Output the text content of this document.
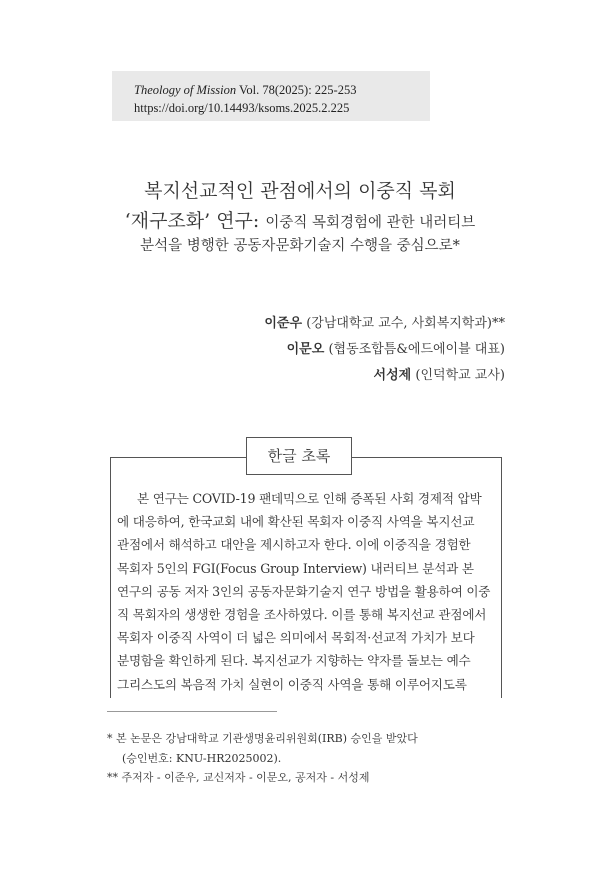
Theology of Mission Vol. 78(2025): 225-253
https://doi.org/10.14493/ksoms.2025.2.225
복지선교적인 관점에서의 이중직 목회
‘재구조화’ 연구: 이중직 목회경험에 관한 내러티브
분석을 병행한 공동자문화기술지 수행을 중심으로*
이준우 (강남대학교 교수, 사회복지학과)**
이문오 (협동조합틈&에드에이블 대표)
서성제 (인덕학교 교사)
한글 초록
본 연구는 COVID-19 팬데믹으로 인해 증폭된 사회 경제적 압박
에 대응하여, 한국교회 내에 확산된 목회자 이중직 사역을 복지선교
관점에서 해석하고 대안을 제시하고자 한다. 이에 이중직을 경험한
목회자 5인의 FGI(Focus Group Interview) 내러티브 분석과 본
연구의 공동 저자 3인의 공동자문화기술지 연구 방법을 활용하여 이중
직 목회자의 생생한 경험을 조사하였다. 이를 통해 복지선교 관점에서
목회자 이중직 사역이 더 넓은 의미에서 목회적⋅선교적 가치가 보다
분명함을 확인하게 된다. 복지선교가 지향하는 약자를 돌보는 예수
그리스도의 복음적 가치 실현이 이중직 사역을 통해 이루어지도록
* 본 논문은 강남대학교 기관생명윤리위원회(IRB) 승인을 받았다
(승인번호: KNU-HR2025002).
** 주저자 - 이준우, 교신저자 - 이문오, 공저자 - 서성제
